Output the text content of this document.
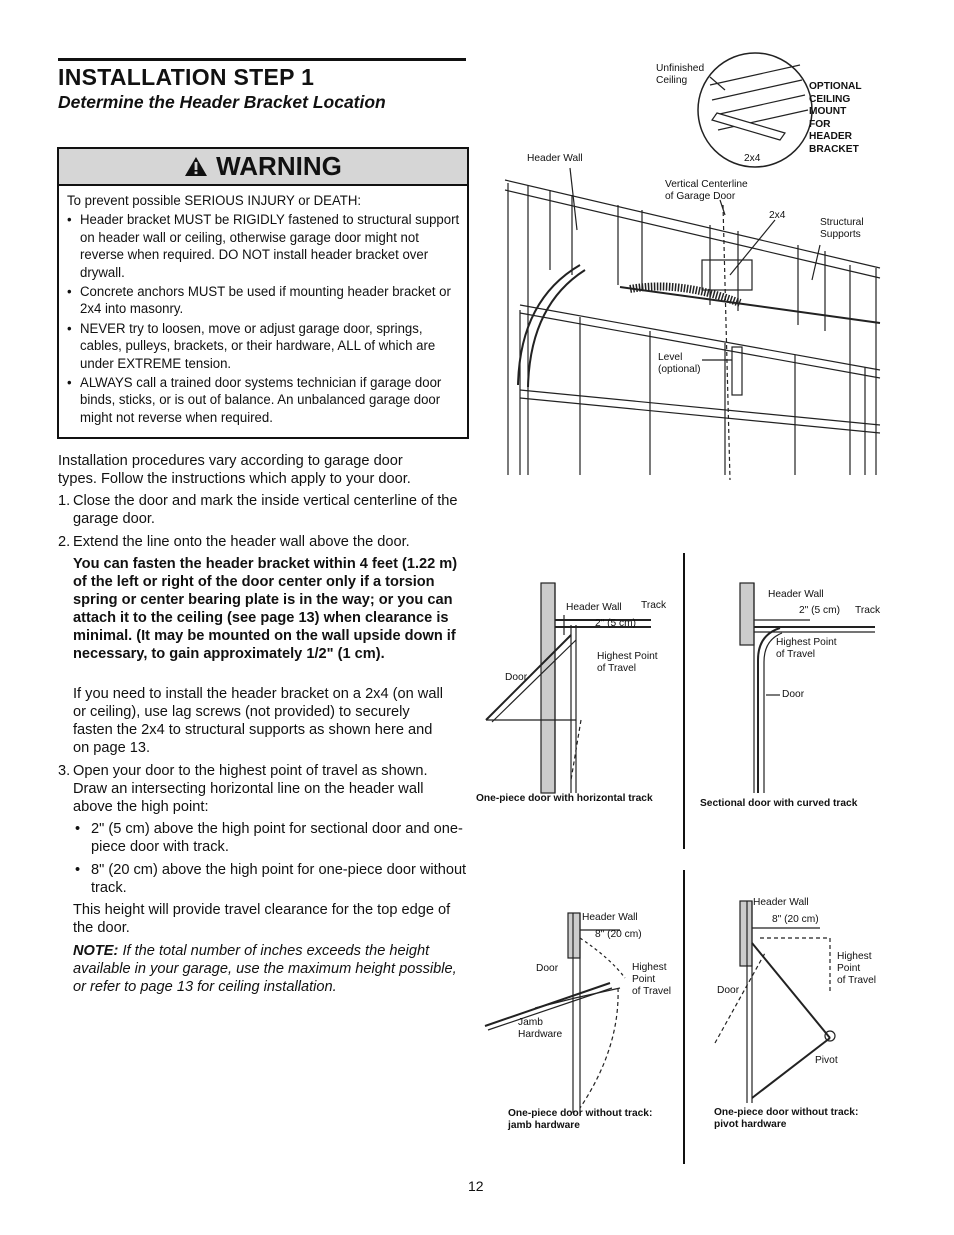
INSTALLATION STEP 1
Determine the Header Bracket Location
WARNING
To prevent possible SERIOUS INJURY or DEATH:
• Header bracket MUST be RIGIDLY fastened to structural support on header wall or ceiling, otherwise garage door might not reverse when required. DO NOT install header bracket over drywall.
• Concrete anchors MUST be used if mounting header bracket or 2x4 into masonry.
• NEVER try to loosen, move or adjust garage door, springs, cables, pulleys, brackets, or their hardware, ALL of which are under EXTREME tension.
• ALWAYS call a trained door systems technician if garage door binds, sticks, or is out of balance. An unbalanced garage door might not reverse when required.
Installation procedures vary according to garage door types. Follow the instructions which apply to your door.
1. Close the door and mark the inside vertical centerline of the garage door.
2. Extend the line onto the header wall above the door.
You can fasten the header bracket within 4 feet (1.22 m) of the left or right of the door center only if a torsion spring or center bearing plate is in the way; or you can attach it to the ceiling (see page 13) when clearance is minimal. (It may be mounted on the wall upside down if necessary, to gain approximately 1/2" (1 cm).
If you need to install the header bracket on a 2x4 (on wall or ceiling), use lag screws (not provided) to securely fasten the 2x4 to structural supports as shown here and on page 13.
3. Open your door to the highest point of travel as shown. Draw an intersecting horizontal line on the header wall above the high point:
• 2" (5 cm) above the high point for sectional door and one-piece door with track.
• 8" (20 cm) above the high point for one-piece door without track.
This height will provide travel clearance for the top edge of the door.
NOTE: If the total number of inches exceeds the height available in your garage, use the maximum height possible, or refer to page 13 for ceiling installation.
Unfinished
Ceiling
OPTIONAL
CEILING
MOUNT
FOR
HEADER
BRACKET
2x4
Header Wall
Vertical Centerline
of Garage Door
2x4
Structural
Supports
Level
(optional)
Header Wall Track
2" (5 cm)
Door
Highest Point
of Travel
One-piece door with horizontal track
Header Wall
2" (5 cm) Track
Highest Point
of Travel
Door
Sectional door with curved track
Header Wall
8" (20 cm)
Door	Highest
Point
of Travel
Jamb
Hardware
One-piece door without track:
jamb hardware
Header Wall
8" (20 cm)
Door
Highest
Point
of Travel
Pivot
One-piece door without track:
pivot hardware
12
